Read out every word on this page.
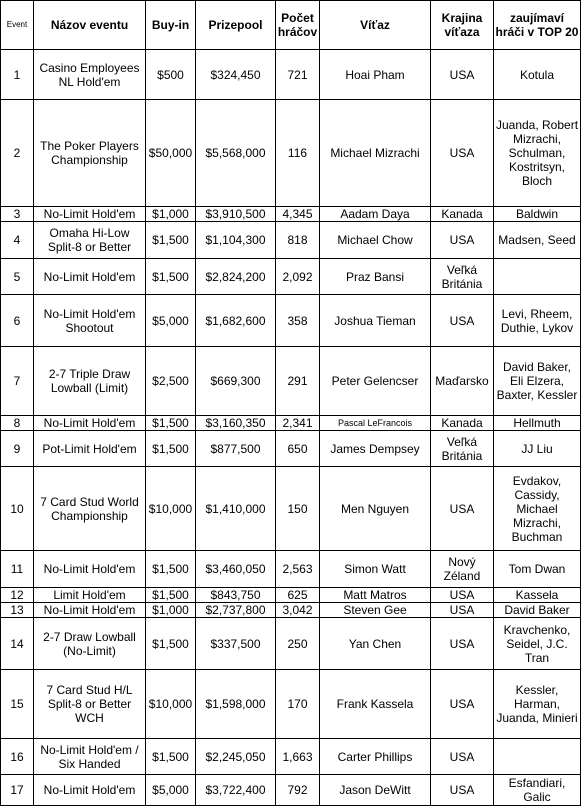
Event	Názov eventu	Buy-in	Prizepool	Počet hráčov	Víťaz	Krajina víťaza	zaujímaví hráči v TOP 20
1	Casino Employees NL Hold'em	$500	$324,450	721	Hoai Pham	USA	Kotula
2	The Poker Players Championship	$50,000	$5,568,000	116	Michael Mizrachi	USA	Juanda, Robert Mizrachi, Schulman, Kostritsyn, Bloch
3	No-Limit Hold'em	$1,000	$3,910,500	4,345	Aadam Daya	Kanada	Baldwin
4	Omaha Hi-Low Split-8 or Better	$1,500	$1,104,300	818	Michael Chow	USA	Madsen, Seed
5	No-Limit Hold'em	$1,500	$2,824,200	2,092	Praz Bansi	Veľká Británia	
6	No-Limit Hold'em Shootout	$5,000	$1,682,600	358	Joshua Tieman	USA	Levi, Rheem, Duthie, Lykov
7	2-7 Triple Draw Lowball (Limit)	$2,500	$669,300	291	Peter Gelencser	Maďarsko	David Baker, Eli Elzera, Baxter, Kessler
8	No-Limit Hold'em	$1,500	$3,160,350	2,341	Pascal LeFrancois	Kanada	Hellmuth
9	Pot-Limit Hold'em	$1,500	$877,500	650	James Dempsey	Veľká Británia	JJ Liu
10	7 Card Stud World Championship	$10,000	$1,410,000	150	Men Nguyen	USA	Evdakov, Cassidy, Michael Mizrachi, Buchman
11	No-Limit Hold'em	$1,500	$3,460,050	2,563	Simon Watt	Nový Zéland	Tom Dwan
12	Limit Hold'em	$1,500	$843,750	625	Matt Matros	USA	Kassela
13	No-Limit Hold'em	$1,000	$2,737,800	3,042	Steven Gee	USA	David Baker
14	2-7 Draw Lowball (No-Limit)	$1,500	$337,500	250	Yan Chen	USA	Kravchenko, Seidel, J.C. Tran
15	7 Card Stud H/L Split-8 or Better WCH	$10,000	$1,598,000	170	Frank Kassela	USA	Kessler, Harman, Juanda, Minieri
16	No-Limit Hold'em / Six Handed	$1,500	$2,245,050	1,663	Carter Phillips	USA	
17	No-Limit Hold'em	$5,000	$3,722,400	792	Jason DeWitt	USA	Esfandiari, Galic
